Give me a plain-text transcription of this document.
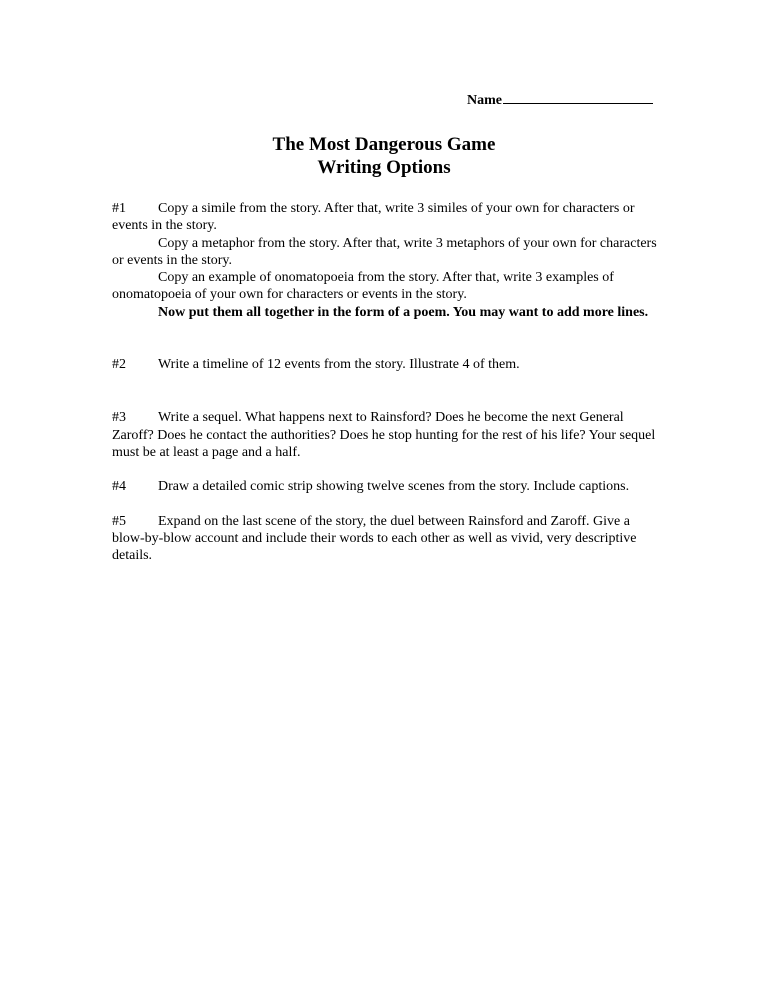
Name
The Most Dangerous Game
Writing Options

#1 Copy a simile from the story. After that, write 3 similes of your own for characters or events in the story.

Copy a metaphor from the story. After that, write 3 metaphors of your own for characters or events in the story.

Copy an example of onomatopoeia from the story. After that, write 3 examples of onomatopoeia of your own for characters or events in the story.

Now put them all together in the form of a poem. You may want to add more lines.

#2 Write a timeline of 12 events from the story. Illustrate 4 of them.

#3 Write a sequel. What happens next to Rainsford? Does he become the next General Zaroff? Does he contact the authorities? Does he stop hunting for the rest of his life? Your sequel must be at least a page and a half.

#4 Draw a detailed comic strip showing twelve scenes from the story. Include captions.

#5 Expand on the last scene of the story, the duel between Rainsford and Zaroff. Give a blow-by-blow account and include their words to each other as well as vivid, very descriptive details.
